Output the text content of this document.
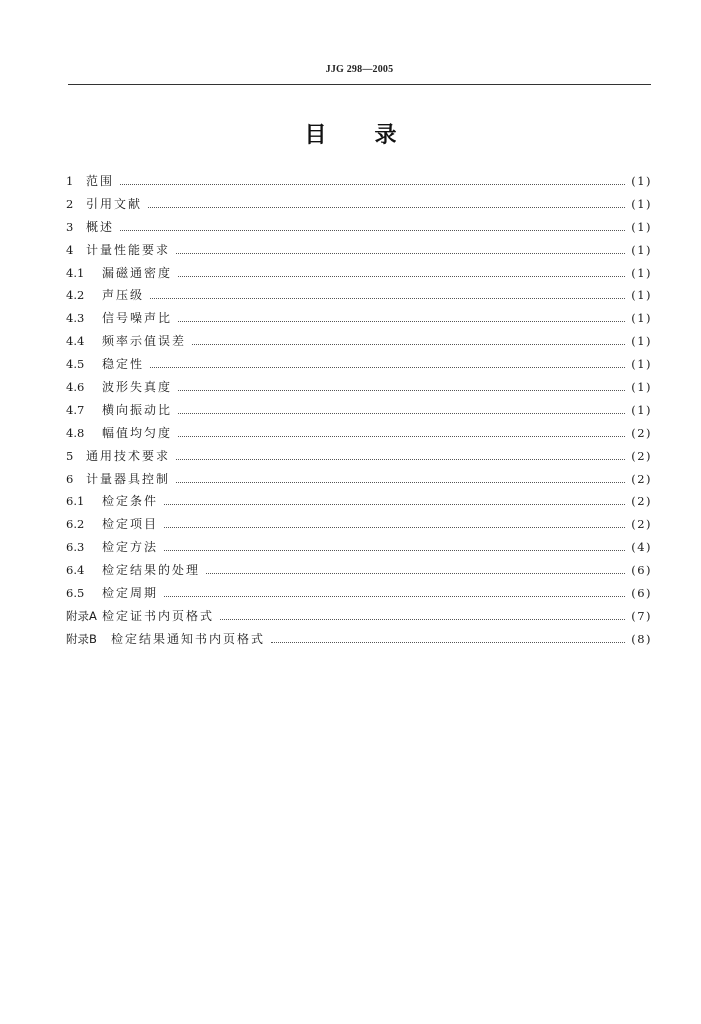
JJG 298—2005
目录
1	范围	(1)
2	引用文献	(1)
3	概述	(1)
4	计量性能要求	(1)
4.1	漏磁通密度	(1)
4.2	声压级	(1)
4.3	信号噪声比	(1)
4.4	频率示值误差	(1)
4.5	稳定性	(1)
4.6	波形失真度	(1)
4.7	横向振动比	(1)
4.8	幅值均匀度	(2)
5	通用技术要求	(2)
6	计量器具控制	(2)
6.1	检定条件	(2)
6.2	检定项目	(2)
6.3	检定方法	(4)
6.4	检定结果的处理	(6)
6.5	检定周期	(6)
附录A 检定证书内页格式	(7)
附录B	检定结果通知书内页格式	(8)
